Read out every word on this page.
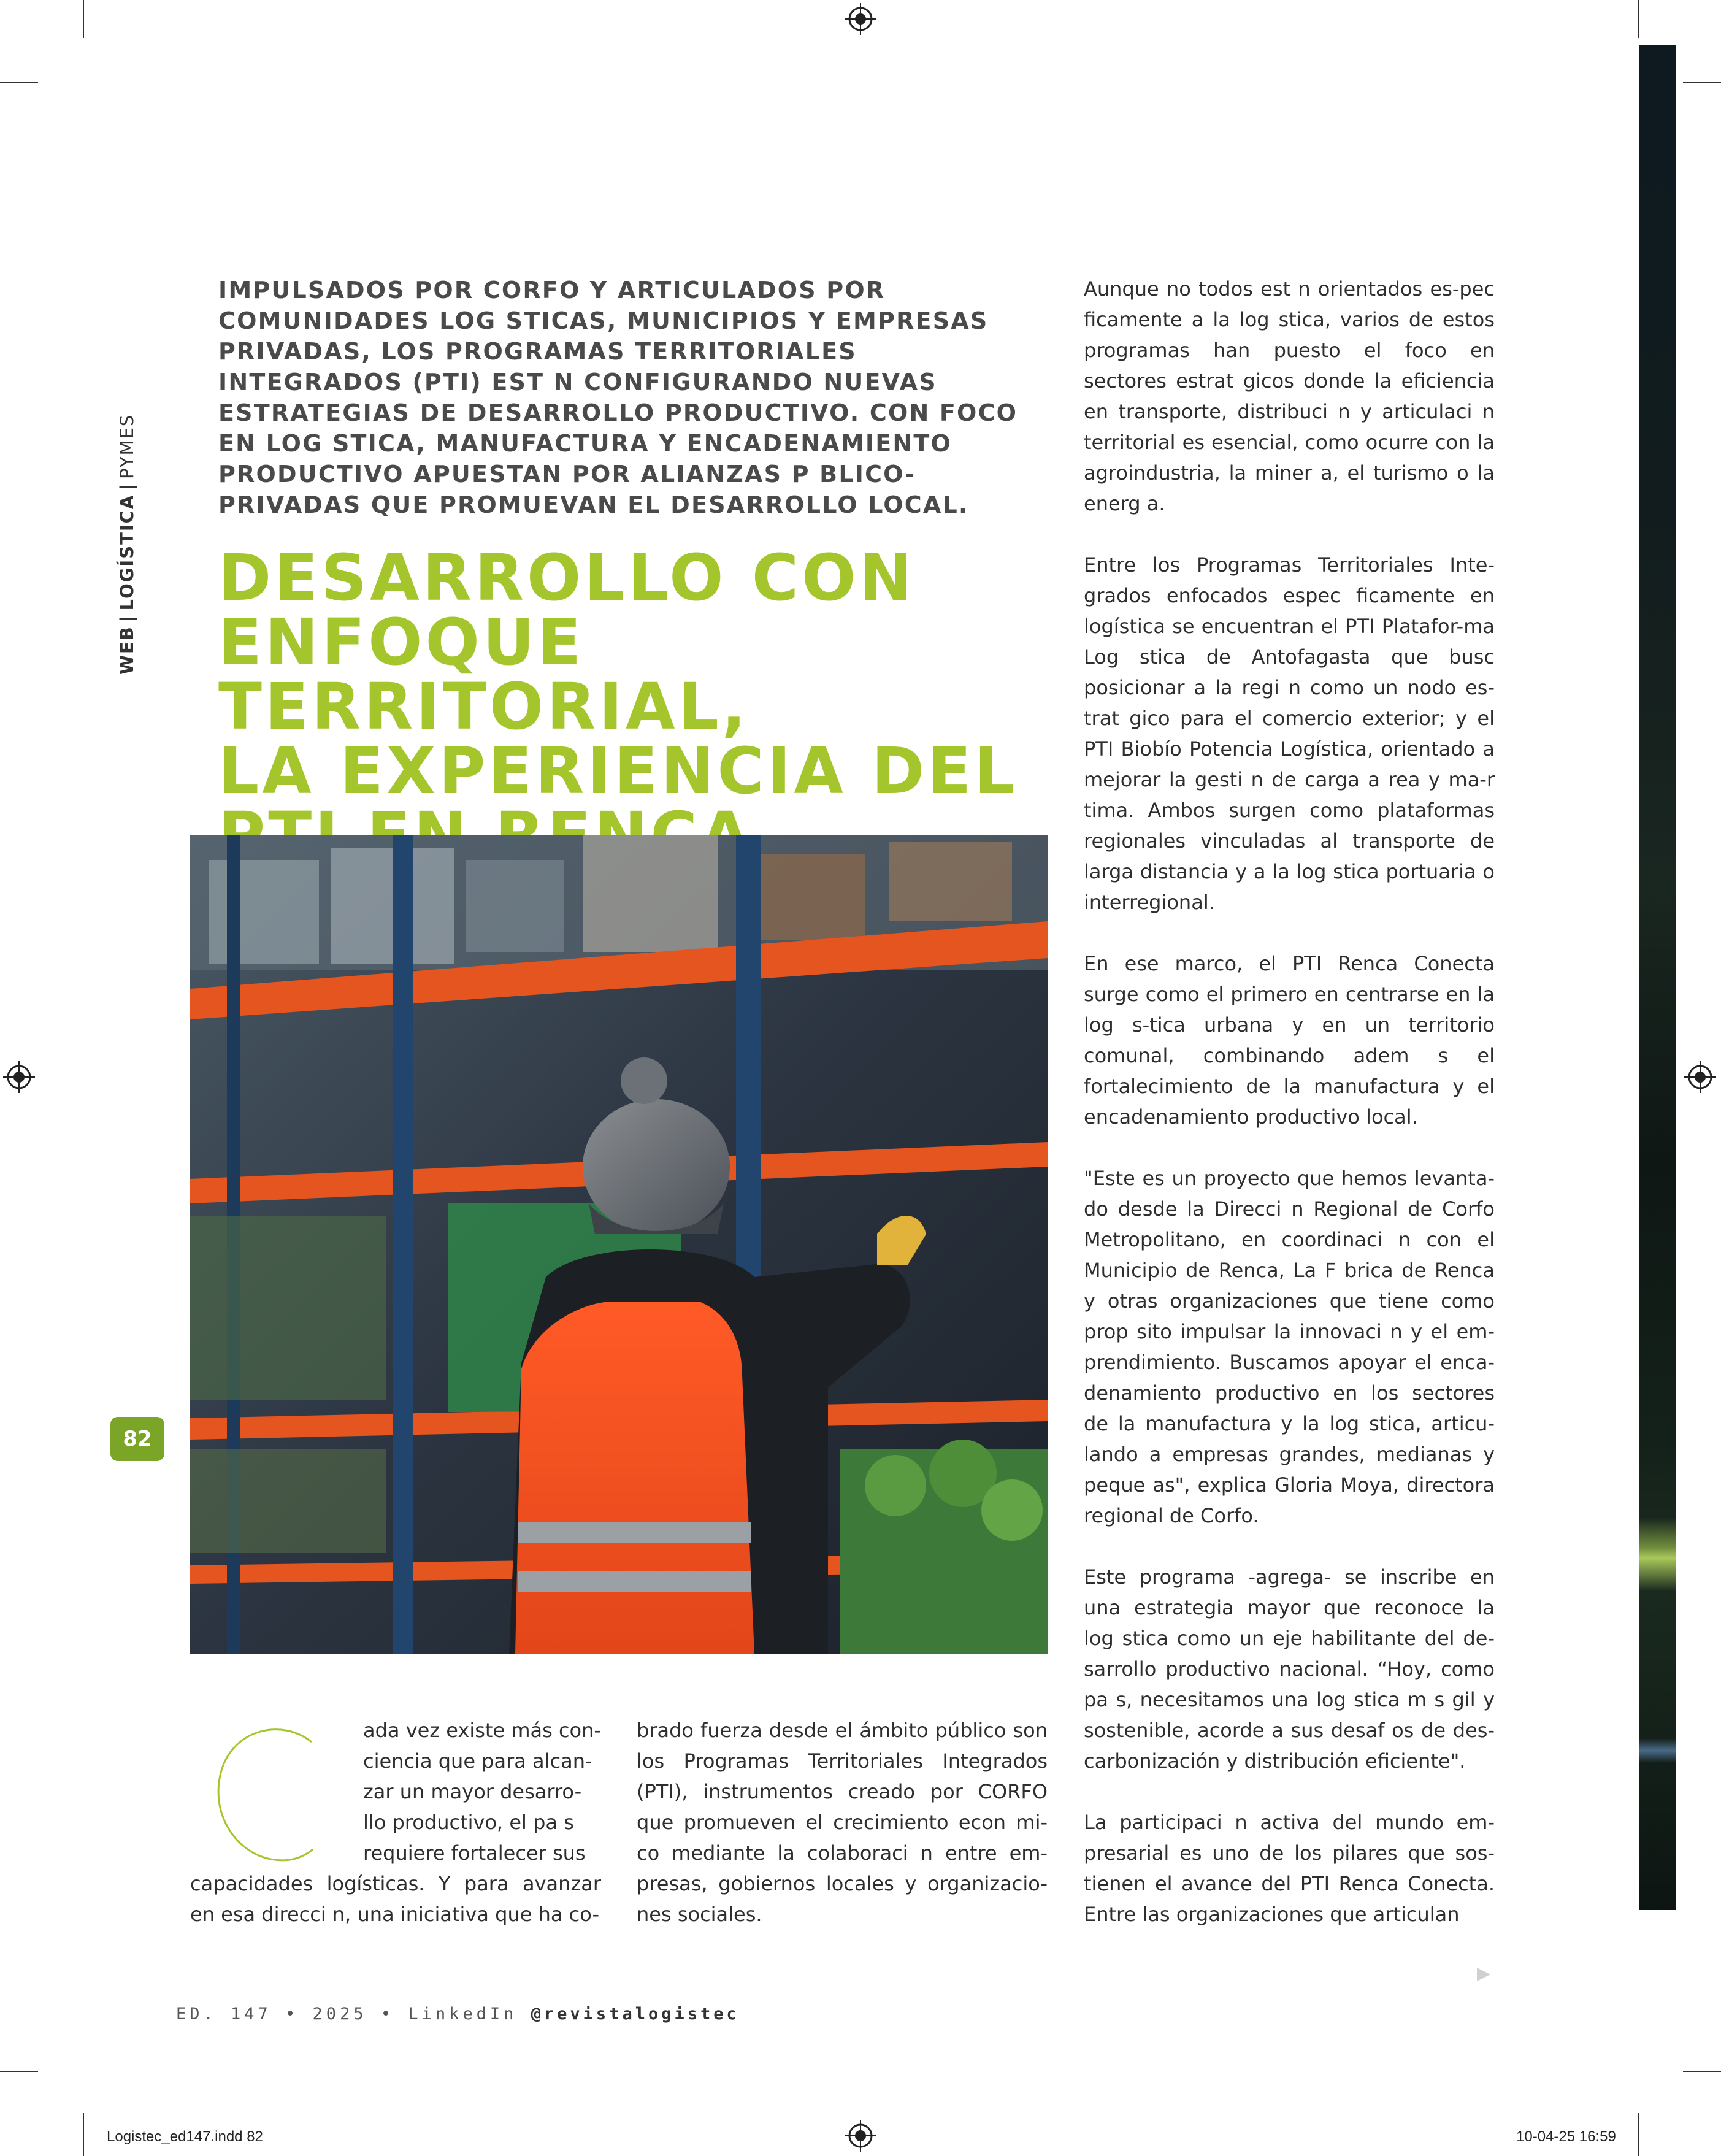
WEB|LOGÍSTICA|PYMES
82

IMPULSADOS POR CORFO Y ARTICULADOS POR COMUNIDADES LOG STICAS, MUNICIPIOS Y EMPRESAS PRIVADAS, LOS PROGRAMAS TERRITORIALES INTEGRADOS (PTI) EST N CONFIGURANDO NUEVAS ESTRATEGIAS DE DESARROLLO PRODUCTIVO. CON FOCO EN LOG STICA, MANUFACTURA Y ENCADENAMIENTO PRODUCTIVO APUESTAN POR ALIANZAS P BLICO-PRIVADAS QUE PROMUEVAN EL DESARROLLO LOCAL.

DESARROLLO CON
ENFOQUE TERRITORIAL,
LA EXPERIENCIA DEL
ada vez existe más con-
ciencia que para alcan-
zar un mayor desarro-
llo productivo, el pa s
requiere fortalecer sus
capacidades logísticas. Y para avanzar en esa direcci n, una iniciativa que ha co-

brado fuerza desde el ámbito público son los Programas Territoriales Integrados (PTI), instrumentos creado por CORFO que promueven el crecimiento econ mi-co mediante la colaboraci n entre em-presas, gobiernos locales y organizacio-nes sociales.

Aunque no todos est n orientados es-pec ficamente a la log stica, varios de estos programas han puesto el foco en sectores estrat gicos donde la eficiencia en transporte, distribuci n y articulaci n territorial es esencial, como ocurre con la agroindustria, la miner a, el turismo o la energ a.

Entre los Programas Territoriales Inte-grados enfocados espec ficamente en logística se encuentran el PTI Platafor-ma Log stica de Antofagasta que busc posicionar a la regi n como un nodo es-trat gico para el comercio exterior; y el PTI Biobío Potencia Logística, orientado a mejorar la gesti n de carga a rea y ma-r tima. Ambos surgen como plataformas regionales vinculadas al transporte de larga distancia y a la log stica portuaria o interregional.

En ese marco, el PTI Renca Conecta surge como el primero en centrarse en la log s-tica urbana y en un territorio comunal, combinando adem s el fortalecimiento de la manufactura y el encadenamiento productivo local.

"Este es un proyecto que hemos levanta-do desde la Direcci n Regional de Corfo Metropolitano, en coordinaci n con el Municipio de Renca, La F brica de Renca y otras organizaciones que tiene como prop sito impulsar la innovaci n y el em-prendimiento. Buscamos apoyar el enca-denamiento productivo en los sectores de la manufactura y la log stica, articu-lando a empresas grandes, medianas y peque as", explica Gloria Moya, directora regional de Corfo.

Este programa -agrega- se inscribe en una estrategia mayor que reconoce la log stica como un eje habilitante del de-sarrollo productivo nacional. “Hoy, como pa s, necesitamos una log stica m s gil y sostenible, acorde a sus desaf os de des-carbonización y distribución eficiente".

La participaci n activa del mundo em-presarial es uno de los pilares que sos-tienen el avance del PTI Renca Conecta. Entre las organizaciones que articulan

ED. 147 • 2025 • LinkedIn @revistalogistec
Logistec_ed147.indd 82	10-04-25 16:59
